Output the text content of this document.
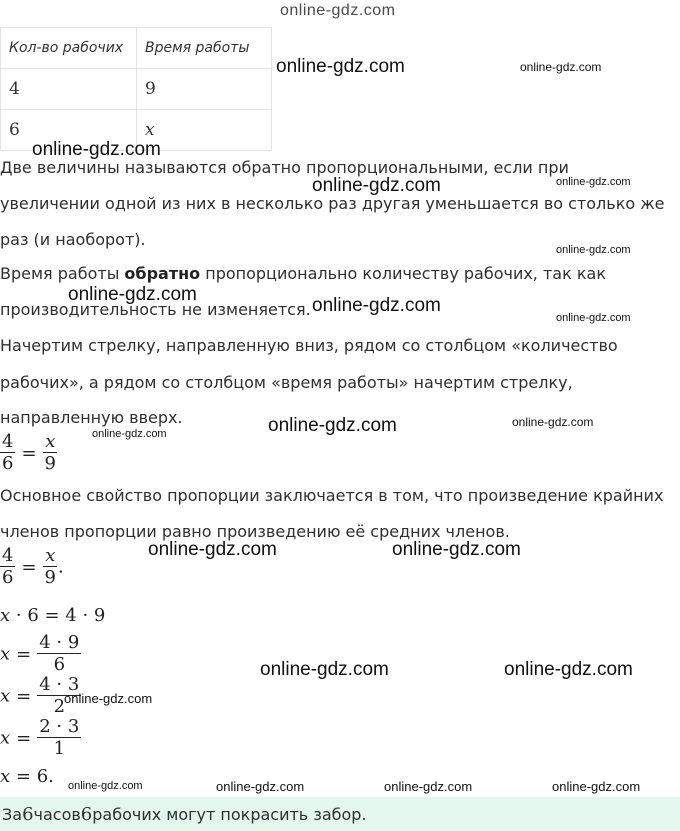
online-gdz.com
Кол-во рабочих	Время работы
4	9
6	x
Две величины называются обратно пропорциональными, если при
увеличении одной из них в несколько раз другая уменьшается во столько же
раз (и наоборот).
Время работы обратно пропорционально количеству рабочих, так как
производительность не изменяется.
Начертим стрелку, направленную вниз, рядом со столбцом «количество
рабочих», а рядом со столбцом «время работы» начертим стрелку,
направленную вверх.
$\frac{4}{6} = \frac{x}{9}$
Основное свойство пропорции заключается в том, что произведение крайних
членов пропорции равно произведению её средних членов.
$\frac{4}{6} = \frac{x}{9}$ .
x · 6 = 4 · 9
$x = \frac{4 \cdot 9}{6}$
$x = \frac{4 \cdot 3}{2}$
$x = \frac{2 \cdot 3}{1}$
x = 6.
За 6 часов 6 рабочих могут покрасить забор.
online-gdz.com	online-gdz.com
online-gdz.com
online-gdz.com	online-gdz.com
online-gdz.com
online-gdz.com
online-gdz.com
online-gdz.com
online-gdz.com	online-gdz.com
online-gdz.com
online-gdz.com	online-gdz.com
online-gdz.com	online-gdz.com
online-gdz.com
online-gdz.com	online-gdz.com	online-gdz.com	online-gdz.com
